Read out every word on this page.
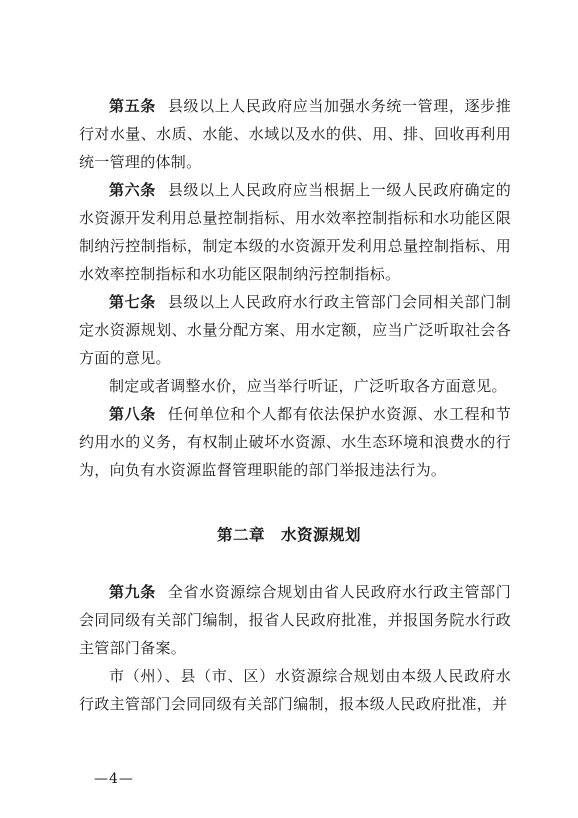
第五条 县级以上人民政府应当加强水务统一管理，逐步推行对水量、水质、水能、水域以及水的供、用、排、回收再利用统一管理的体制。

第六条 县级以上人民政府应当根据上一级人民政府确定的水资源开发利用总量控制指标、用水效率控制指标和水功能区限制纳污控制指标，制定本级的水资源开发利用总量控制指标、用水效率控制指标和水功能区限制纳污控制指标。

第七条 县级以上人民政府水行政主管部门会同相关部门制定水资源规划、水量分配方案、用水定额，应当广泛听取社会各方面的意见。

制定或者调整水价，应当举行听证，广泛听取各方面意见。

第八条 任何单位和个人都有依法保护水资源、水工程和节约用水的义务，有权制止破坏水资源、水生态环境和浪费水的行为，向负有水资源监督管理职能的部门举报违法行为。

第二章 水资源规划

第九条 全省水资源综合规划由省人民政府水行政主管部门会同同级有关部门编制，报省人民政府批准，并报国务院水行政主管部门备案。

市（州）、县（市、区）水资源综合规划由本级人民政府水行政主管部门会同同级有关部门编制，报本级人民政府批准，并

—4—
